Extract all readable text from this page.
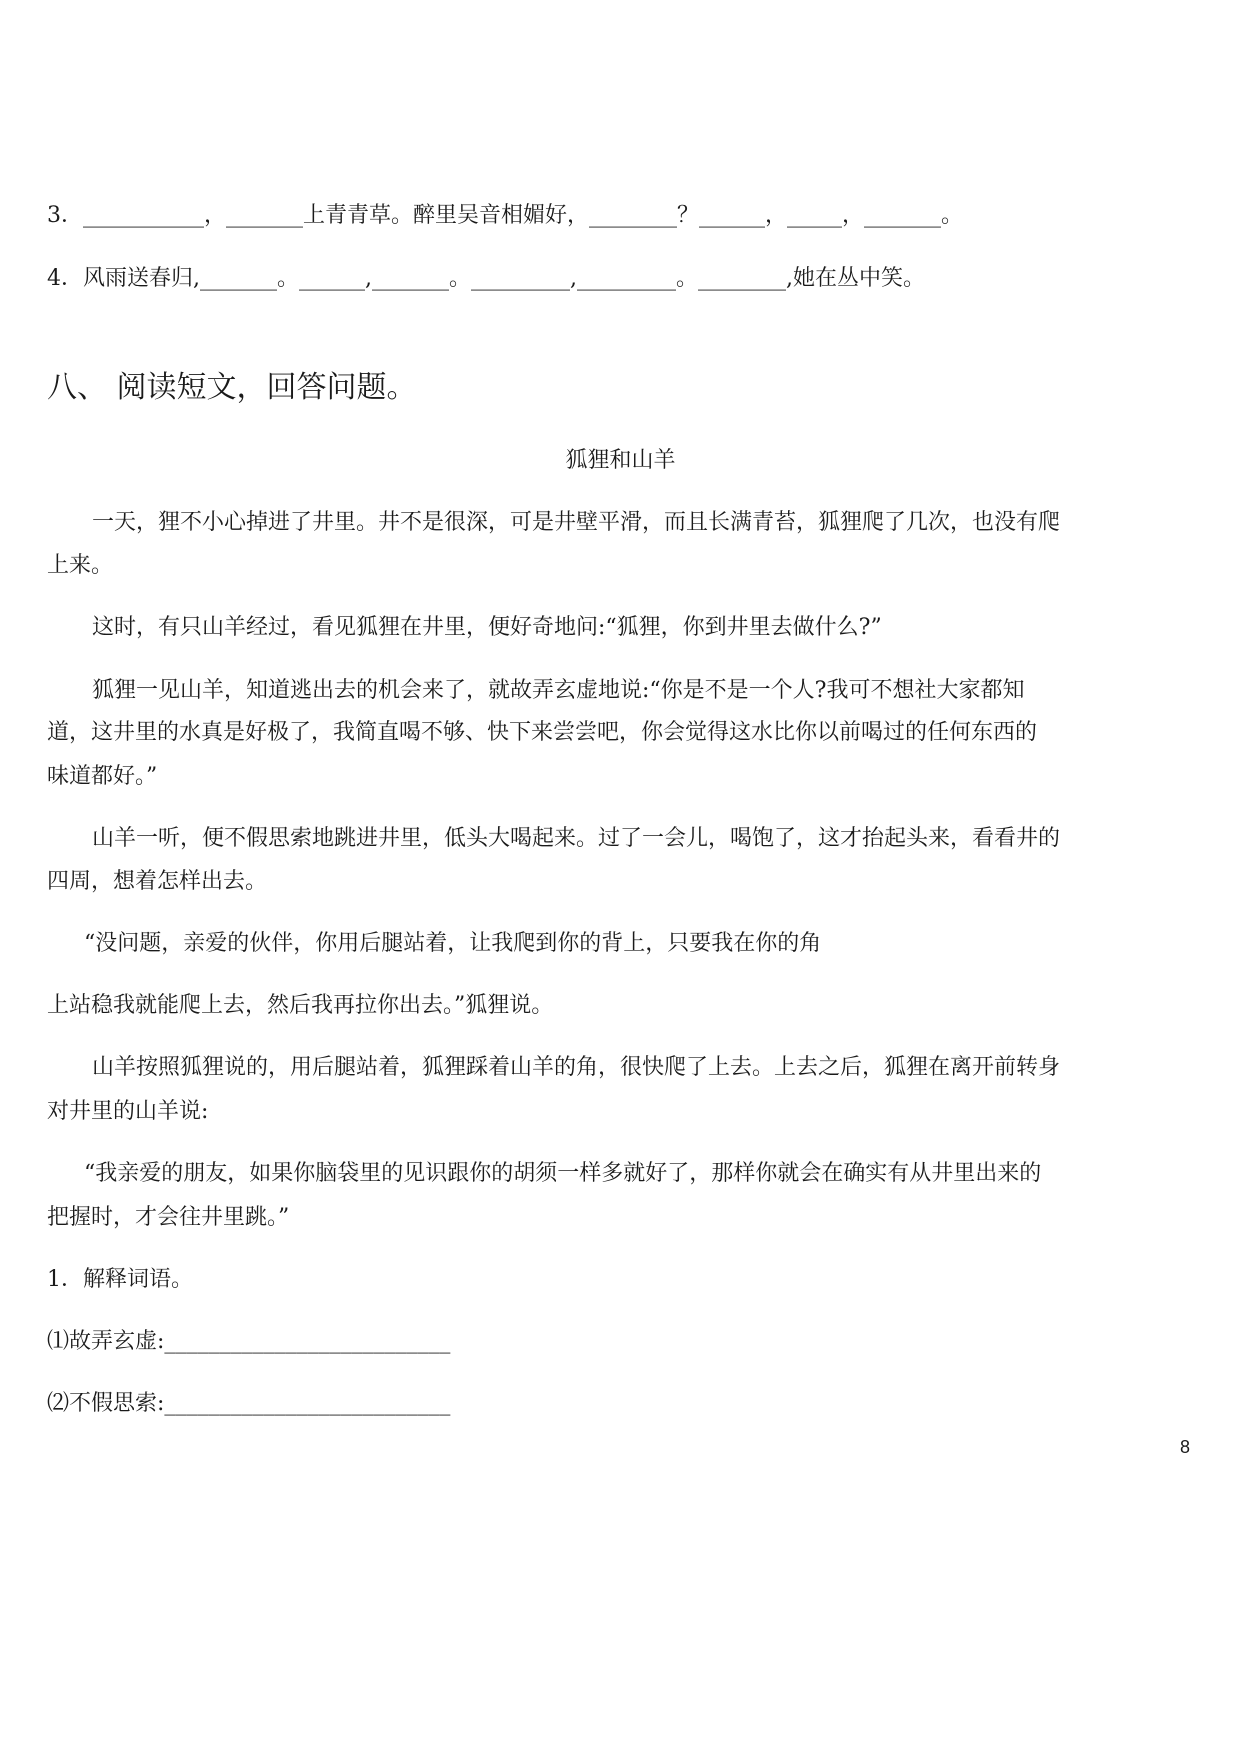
3．___________，_______上青青草。醉里吴音相媚好，________？______，_____，_______。
4．风雨送春归,_______。______,_______。_________,_________。________,她在丛中笑。
八、 阅读短文，回答问题。
狐狸和山羊
一天，狸不小心掉进了井里。井不是很深，可是井壁平滑，而且长满青苔，狐狸爬了几次，也没有爬
上来。
这时，有只山羊经过，看见狐狸在井里，便好奇地问:“狐狸，你到井里去做什么?”
狐狸一见山羊，知道逃出去的机会来了，就故弄玄虚地说:“你是不是一个人?我可不想社大家都知
道，这井里的水真是好极了，我简直喝不够、快下来尝尝吧，你会觉得这水比你以前喝过的任何东西的
味道都好。”
山羊一听，便不假思索地跳进井里，低头大喝起来。过了一会儿，喝饱了，这才抬起头来，看看井的
四周，想着怎样出去。
“没问题，亲爱的伙伴，你用后腿站着，让我爬到你的背上，只要我在你的角
上站稳我就能爬上去，然后我再拉你出去。”狐狸说。
山羊按照狐狸说的，用后腿站着，狐狸踩着山羊的角，很快爬了上去。上去之后，狐狸在离开前转身
对井里的山羊说:
“我亲爱的朋友，如果你脑袋里的见识跟你的胡须一样多就好了，那样你就会在确实有从井里出来的
把握时，才会往井里跳。”
1．解释词语。
⑴故弄玄虚:__________________________
⑵不假思索:__________________________
8
